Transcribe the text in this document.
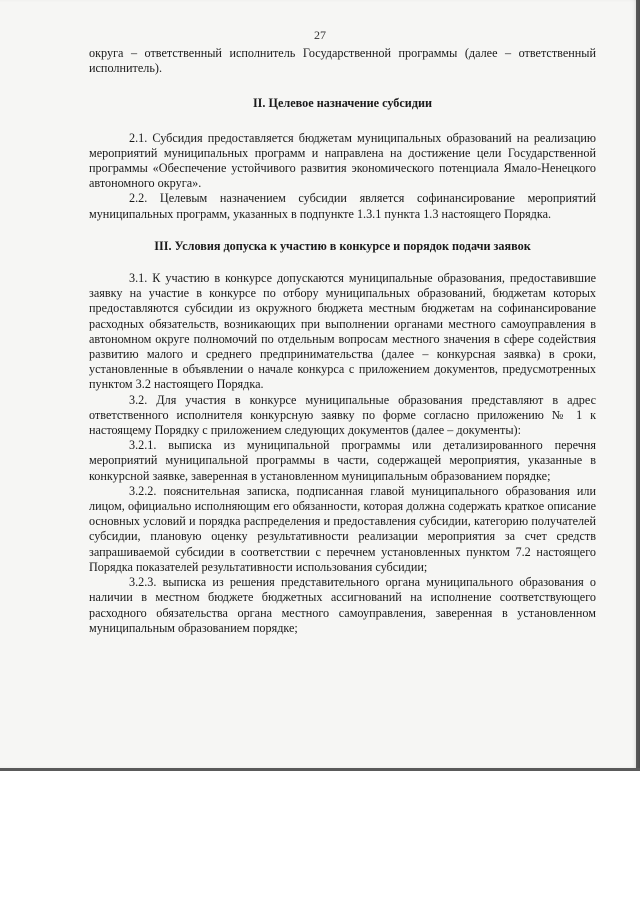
27

округа – ответственный исполнитель Государственной программы (далее – ответственный исполнитель).

II. Целевое назначение субсидии

2.1. Субсидия предоставляется бюджетам муниципальных образований на реализацию мероприятий муниципальных программ и направлена на достижение цели Государственной программы «Обеспечение устойчивого развития экономического потенциала Ямало-Ненецкого автономного округа».

2.2. Целевым назначением субсидии является софинансирование мероприятий муниципальных программ, указанных в подпункте 1.3.1 пункта 1.3 настоящего Порядка.

III. Условия допуска к участию в конкурсе и порядок подачи заявок

3.1. К участию в конкурсе допускаются муниципальные образования, предоставившие заявку на участие в конкурсе по отбору муниципальных образований, бюджетам которых предоставляются субсидии из окружного бюджета местным бюджетам на софинансирование расходных обязательств, возникающих при выполнении органами местного самоуправления в автономном округе полномочий по отдельным вопросам местного значения в сфере содействия развитию малого и среднего предпринимательства (далее – конкурсная заявка) в сроки, установленные в объявлении о начале конкурса с приложением документов, предусмотренных пунктом 3.2 настоящего Порядка.

3.2. Для участия в конкурсе муниципальные образования представляют в адрес ответственного исполнителя конкурсную заявку по форме согласно приложению № 1 к настоящему Порядку с приложением следующих документов (далее – документы):

3.2.1. выписка из муниципальной программы или детализированного перечня мероприятий муниципальной программы в части, содержащей мероприятия, указанные в конкурсной заявке, заверенная в установленном муниципальным образованием порядке;

3.2.2. пояснительная записка, подписанная главой муниципального образования или лицом, официально исполняющим его обязанности, которая должна содержать краткое описание основных условий и порядка распределения и предоставления субсидии, категорию получателей субсидии, плановую оценку результативности реализации мероприятия за счет средств запрашиваемой субсидии в соответствии с перечнем установленных пунктом 7.2 настоящего Порядка показателей результативности использования субсидии;

3.2.3. выписка из решения представительного органа муниципального образования о наличии в местном бюджете бюджетных ассигнований на исполнение соответствующего расходного обязательства органа местного самоуправления, заверенная в установленном муниципальным образованием порядке;
